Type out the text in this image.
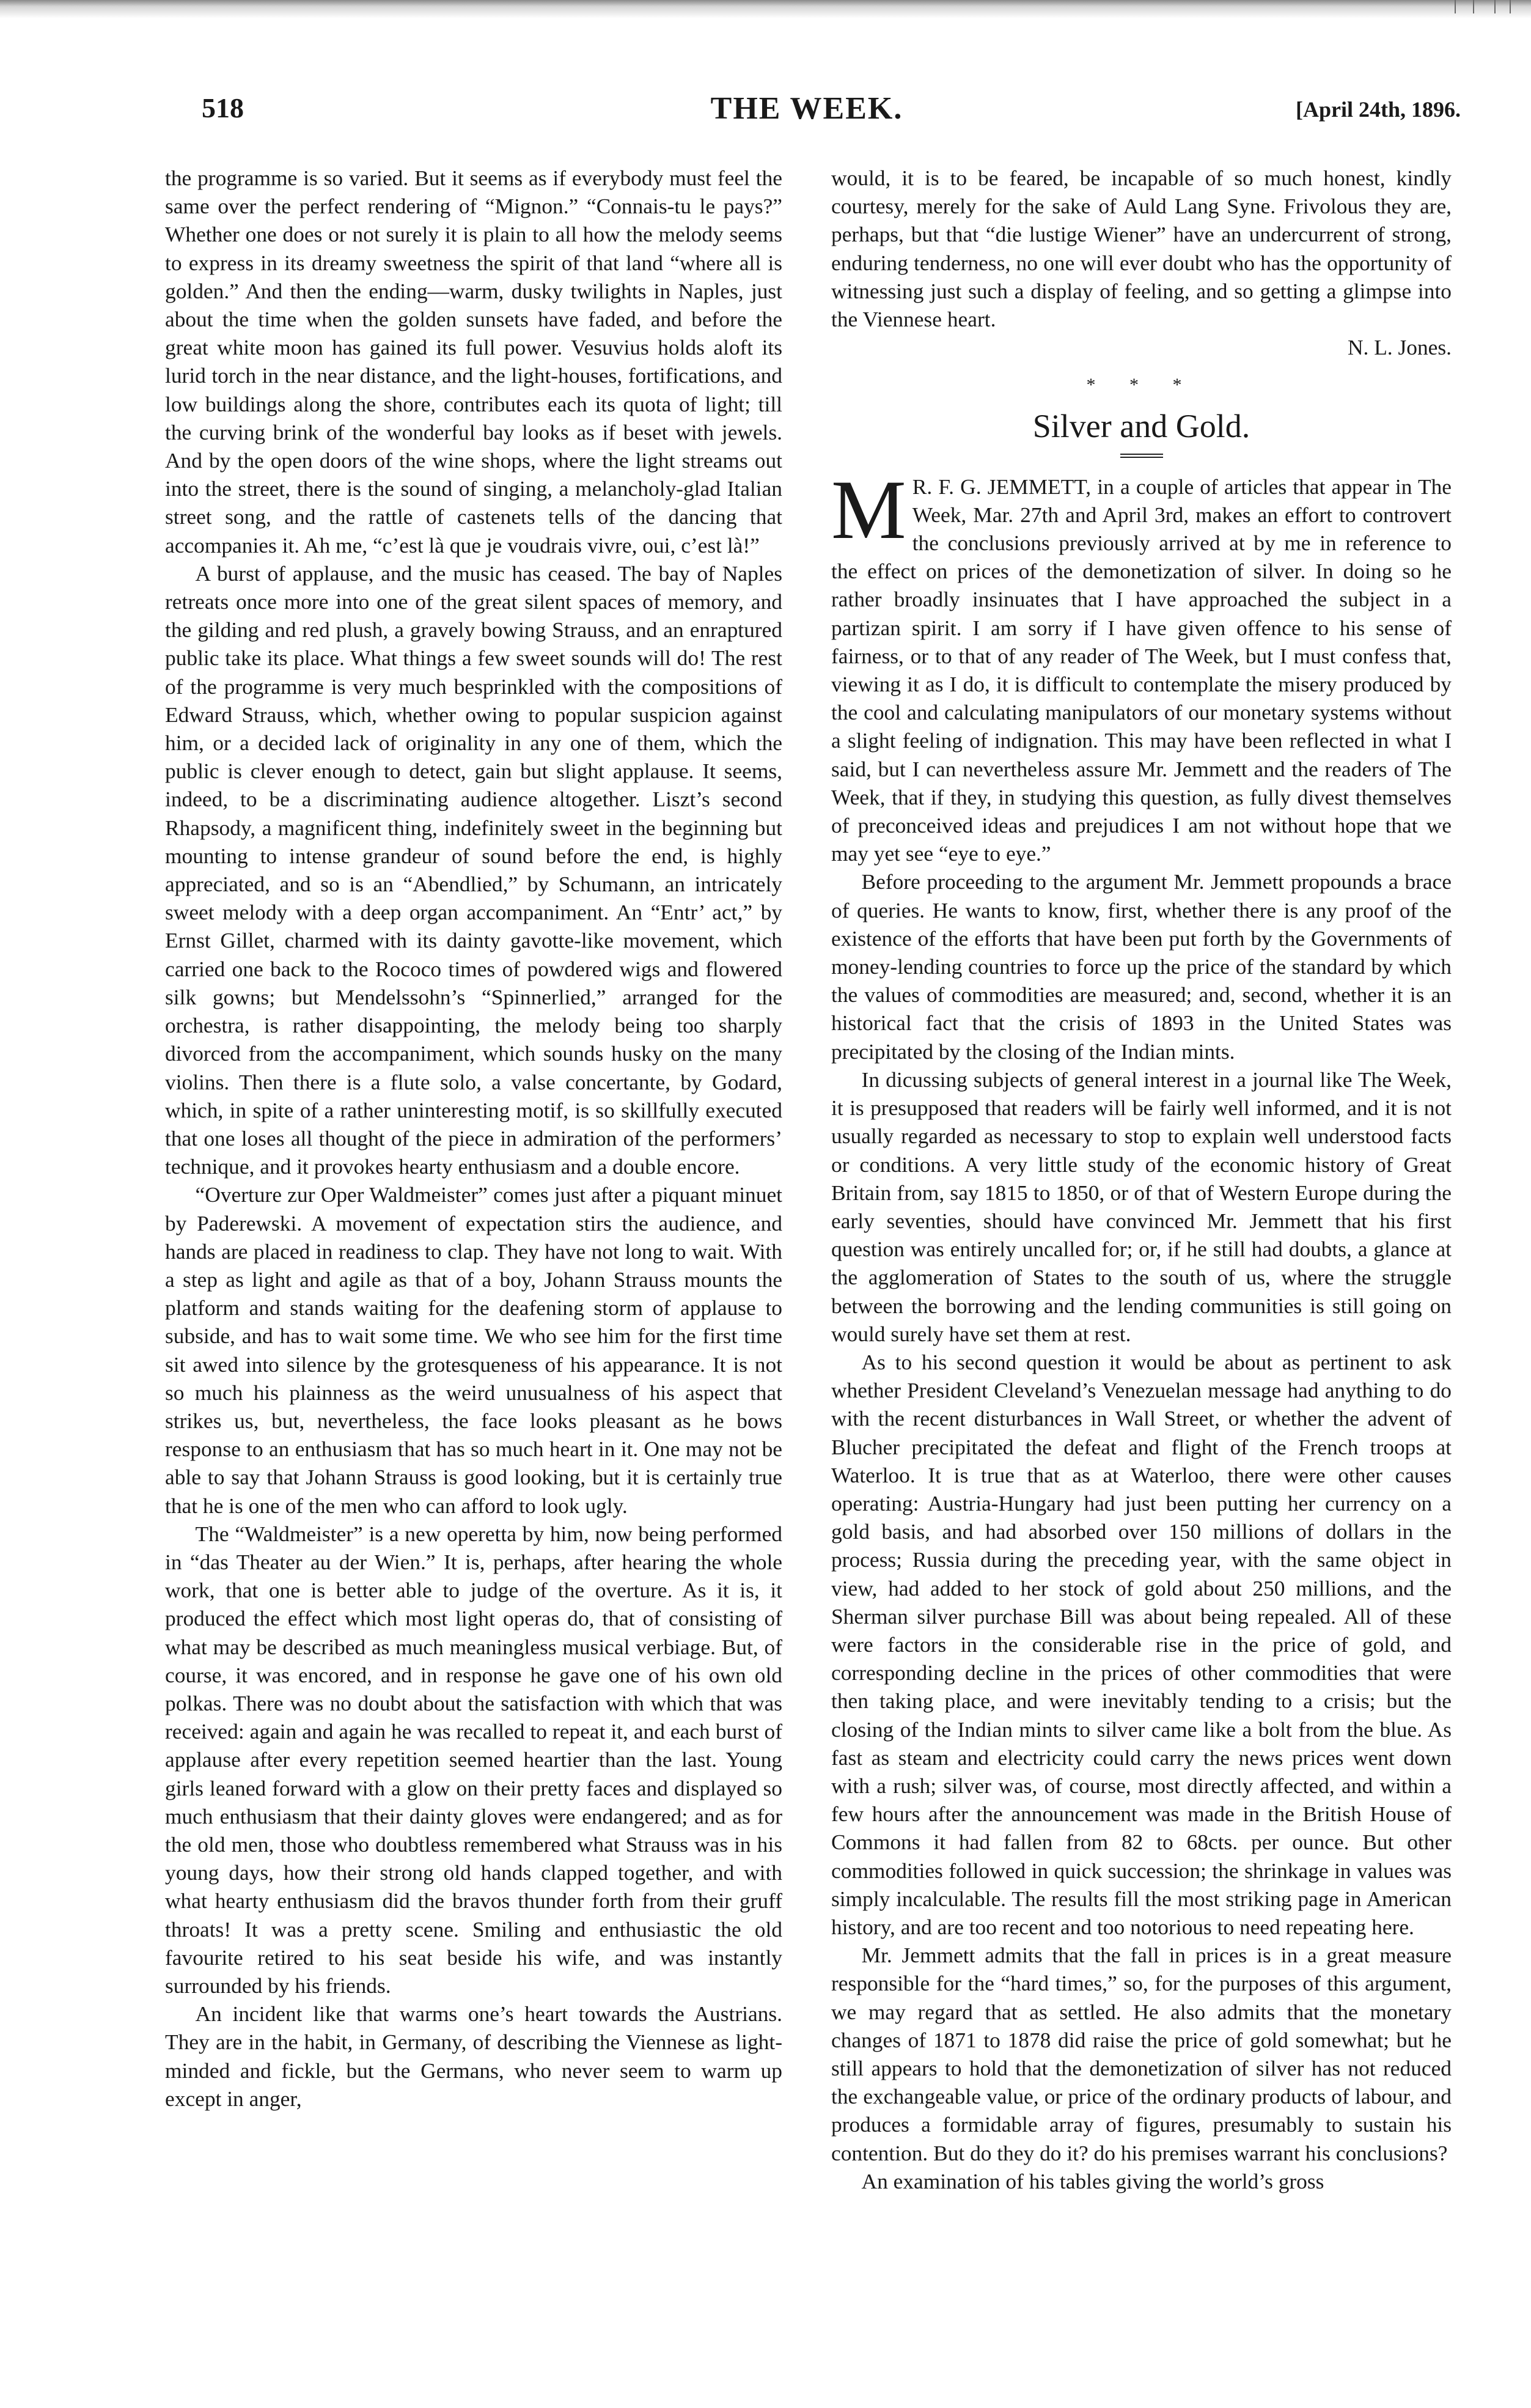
518	THE WEEK.	[April 24th, 1896.

the programme is so varied. But it seems as if everybody must feel the same over the perfect rendering of “Mignon.” “Connais-tu le pays?” Whether one does or not surely it is plain to all how the melody seems to express in its dreamy sweetness the spirit of that land “where all is golden.” And then the ending—warm, dusky twilights in Naples, just about the time when the golden sunsets have faded, and before the great white moon has gained its full power. Vesuvius holds aloft its lurid torch in the near distance, and the light-houses, fortifications, and low buildings along the shore, contributes each its quota of light; till the curving brink of the wonderful bay looks as if beset with jewels. And by the open doors of the wine shops, where the light streams out into the street, there is the sound of singing, a melancholy-glad Italian street song, and the rattle of castenets tells of the dancing that accompanies it. Ah me, “c’est là que je voudrais vivre, oui, c’est là!”

A burst of applause, and the music has ceased. The bay of Naples retreats once more into one of the great silent spaces of memory, and the gilding and red plush, a gravely bowing Strauss, and an enraptured public take its place. What things a few sweet sounds will do! The rest of the programme is very much besprinkled with the compositions of Edward Strauss, which, whether owing to popular suspicion against him, or a decided lack of originality in any one of them, which the public is clever enough to detect, gain but slight applause. It seems, indeed, to be a discriminating audience altogether. Liszt’s second Rhapsody, a magnificent thing, indefinitely sweet in the beginning but mounting to intense grandeur of sound before the end, is highly appreciated, and so is an “Abendlied,” by Schumann, an intricately sweet melody with a deep organ accompaniment. An “Entr’ act,” by Ernst Gillet, charmed with its dainty gavotte-like movement, which carried one back to the Rococo times of powdered wigs and flowered silk gowns; but Mendelssohn’s “Spinnerlied,” arranged for the orchestra, is rather disappointing, the melody being too sharply divorced from the accompaniment, which sounds husky on the many violins. Then there is a flute solo, a valse concertante, by Godard, which, in spite of a rather uninteresting motif, is so skillfully executed that one loses all thought of the piece in admiration of the performers’ technique, and it provokes hearty enthusiasm and a double encore.

“Overture zur Oper Waldmeister” comes just after a piquant minuet by Paderewski. A movement of expectation stirs the audience, and hands are placed in readiness to clap. They have not long to wait. With a step as light and agile as that of a boy, Johann Strauss mounts the platform and stands waiting for the deafening storm of applause to subside, and has to wait some time. We who see him for the first time sit awed into silence by the grotesqueness of his appearance. It is not so much his plainness as the weird unusualness of his aspect that strikes us, but, nevertheless, the face looks pleasant as he bows response to an enthusiasm that has so much heart in it. One may not be able to say that Johann Strauss is good looking, but it is certainly true that he is one of the men who can afford to look ugly.

The “Waldmeister” is a new operetta by him, now being performed in “das Theater au der Wien.” It is, perhaps, after hearing the whole work, that one is better able to judge of the overture. As it is, it produced the effect which most light operas do, that of consisting of what may be described as much meaningless musical verbiage. But, of course, it was encored, and in response he gave one of his own old polkas. There was no doubt about the satisfaction with which that was received: again and again he was recalled to repeat it, and each burst of applause after every repetition seemed heartier than the last. Young girls leaned forward with a glow on their pretty faces and displayed so much enthusiasm that their dainty gloves were endangered; and as for the old men, those who doubtless remembered what Strauss was in his young days, how their strong old hands clapped together, and with what hearty enthusiasm did the bravos thunder forth from their gruff throats! It was a pretty scene. Smiling and enthusiastic the old favourite retired to his seat beside his wife, and was instantly surrounded by his friends.

An incident like that warms one’s heart towards the Austrians. They are in the habit, in Germany, of describing the Viennese as light-minded and fickle, but the Germans, who never seem to warm up except in anger,

would, it is to be feared, be incapable of so much honest, kindly courtesy, merely for the sake of Auld Lang Syne. Frivolous they are, perhaps, but that “die lustige Wiener” have an undercurrent of strong, enduring tenderness, no one will ever doubt who has the opportunity of witnessing just such a display of feeling, and so getting a glimpse into the Viennese heart.

N. L. Jones.

* * *
Silver and Gold.

M R. F. G. JEMMETT, in a couple of articles that appear in The Week, Mar. 27th and April 3rd, makes an effort to controvert the conclusions previously arrived at by me in reference to the effect on prices of the demonetization of silver. In doing so he rather broadly insinuates that I have approached the subject in a partizan spirit. I am sorry if I have given offence to his sense of fairness, or to that of any reader of The Week, but I must confess that, viewing it as I do, it is difficult to contemplate the misery produced by the cool and calculating manipulators of our monetary systems without a slight feeling of indignation. This may have been reflected in what I said, but I can nevertheless assure Mr. Jemmett and the readers of The Week, that if they, in studying this question, as fully divest themselves of preconceived ideas and prejudices I am not without hope that we may yet see “eye to eye.”

Before proceeding to the argument Mr. Jemmett propounds a brace of queries. He wants to know, first, whether there is any proof of the existence of the efforts that have been put forth by the Governments of money-lending countries to force up the price of the standard by which the values of commodities are measured; and, second, whether it is an historical fact that the crisis of 1893 in the United States was precipitated by the closing of the Indian mints.

In dicussing subjects of general interest in a journal like The Week, it is presupposed that readers will be fairly well informed, and it is not usually regarded as necessary to stop to explain well understood facts or conditions. A very little study of the economic history of Great Britain from, say 1815 to 1850, or of that of Western Europe during the early seventies, should have convinced Mr. Jemmett that his first question was entirely uncalled for; or, if he still had doubts, a glance at the agglomeration of States to the south of us, where the struggle between the borrowing and the lending communities is still going on would surely have set them at rest.

As to his second question it would be about as pertinent to ask whether President Cleveland’s Venezuelan message had anything to do with the recent disturbances in Wall Street, or whether the advent of Blucher precipitated the defeat and flight of the French troops at Waterloo. It is true that as at Waterloo, there were other causes operating: Austria-Hungary had just been putting her currency on a gold basis, and had absorbed over 150 millions of dollars in the process; Russia during the preceding year, with the same object in view, had added to her stock of gold about 250 millions, and the Sherman silver purchase Bill was about being repealed. All of these were factors in the considerable rise in the price of gold, and corresponding decline in the prices of other commodities that were then taking place, and were inevitably tending to a crisis; but the closing of the Indian mints to silver came like a bolt from the blue. As fast as steam and electricity could carry the news prices went down with a rush; silver was, of course, most directly affected, and within a few hours after the announcement was made in the British House of Commons it had fallen from 82 to 68cts. per ounce. But other commodities followed in quick succession; the shrinkage in values was simply incalculable. The results fill the most striking page in American history, and are too recent and too notorious to need repeating here.

Mr. Jemmett admits that the fall in prices is in a great measure responsible for the “hard times,” so, for the purposes of this argument, we may regard that as settled. He also admits that the monetary changes of 1871 to 1878 did raise the price of gold somewhat; but he still appears to hold that the demonetization of silver has not reduced the exchangeable value, or price of the ordinary products of labour, and produces a formidable array of figures, presumably to sustain his contention. But do they do it? do his premises warrant his conclusions?

An examination of his tables giving the world’s gross
